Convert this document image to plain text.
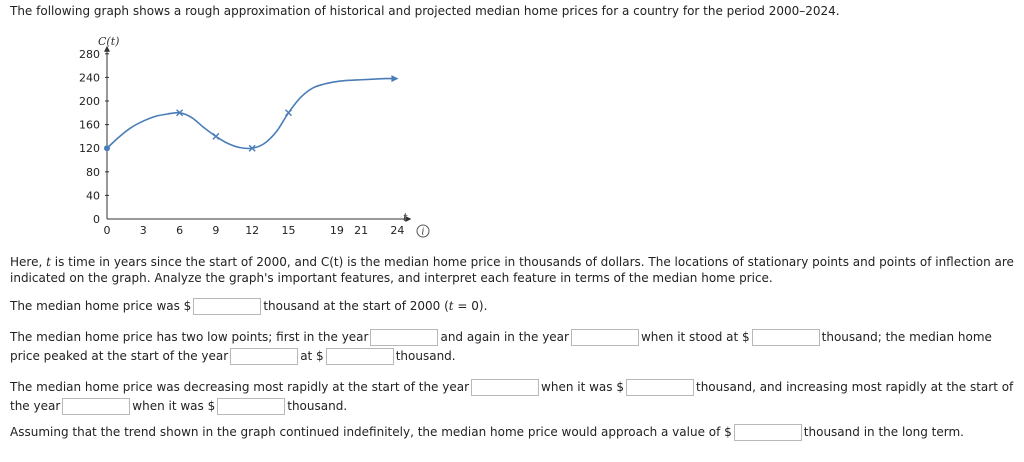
The following graph shows a rough approximation of historical and projected median home prices for a country for the period 2000–2024.
0
40
80
120
160
200
240
280
0	3	6	9 12 15	19 21 24
C(t)
t
i
Here, t is time in years since the start of 2000, and C(t) is the median home price in thousands of dollars. The locations of stationary points and points of inflection are
indicated on the graph. Analyze the graph's important features, and interpret each feature in terms of the median home price.
The median home price was $	thousand at the start of 2000 (t = 0).
The median home price has two low points; first in the year	and again in the year	when it stood at $	thousand; the median home
price peaked at the start of the year	at $	thousand.
The median home price was decreasing most rapidly at the start of the year	when it was $	thousand, and increasing most rapidly at the start of
the year	when it was $	thousand.
Assuming that the trend shown in the graph continued indefinitely, the median home price would approach a value of $	thousand in the long term.
